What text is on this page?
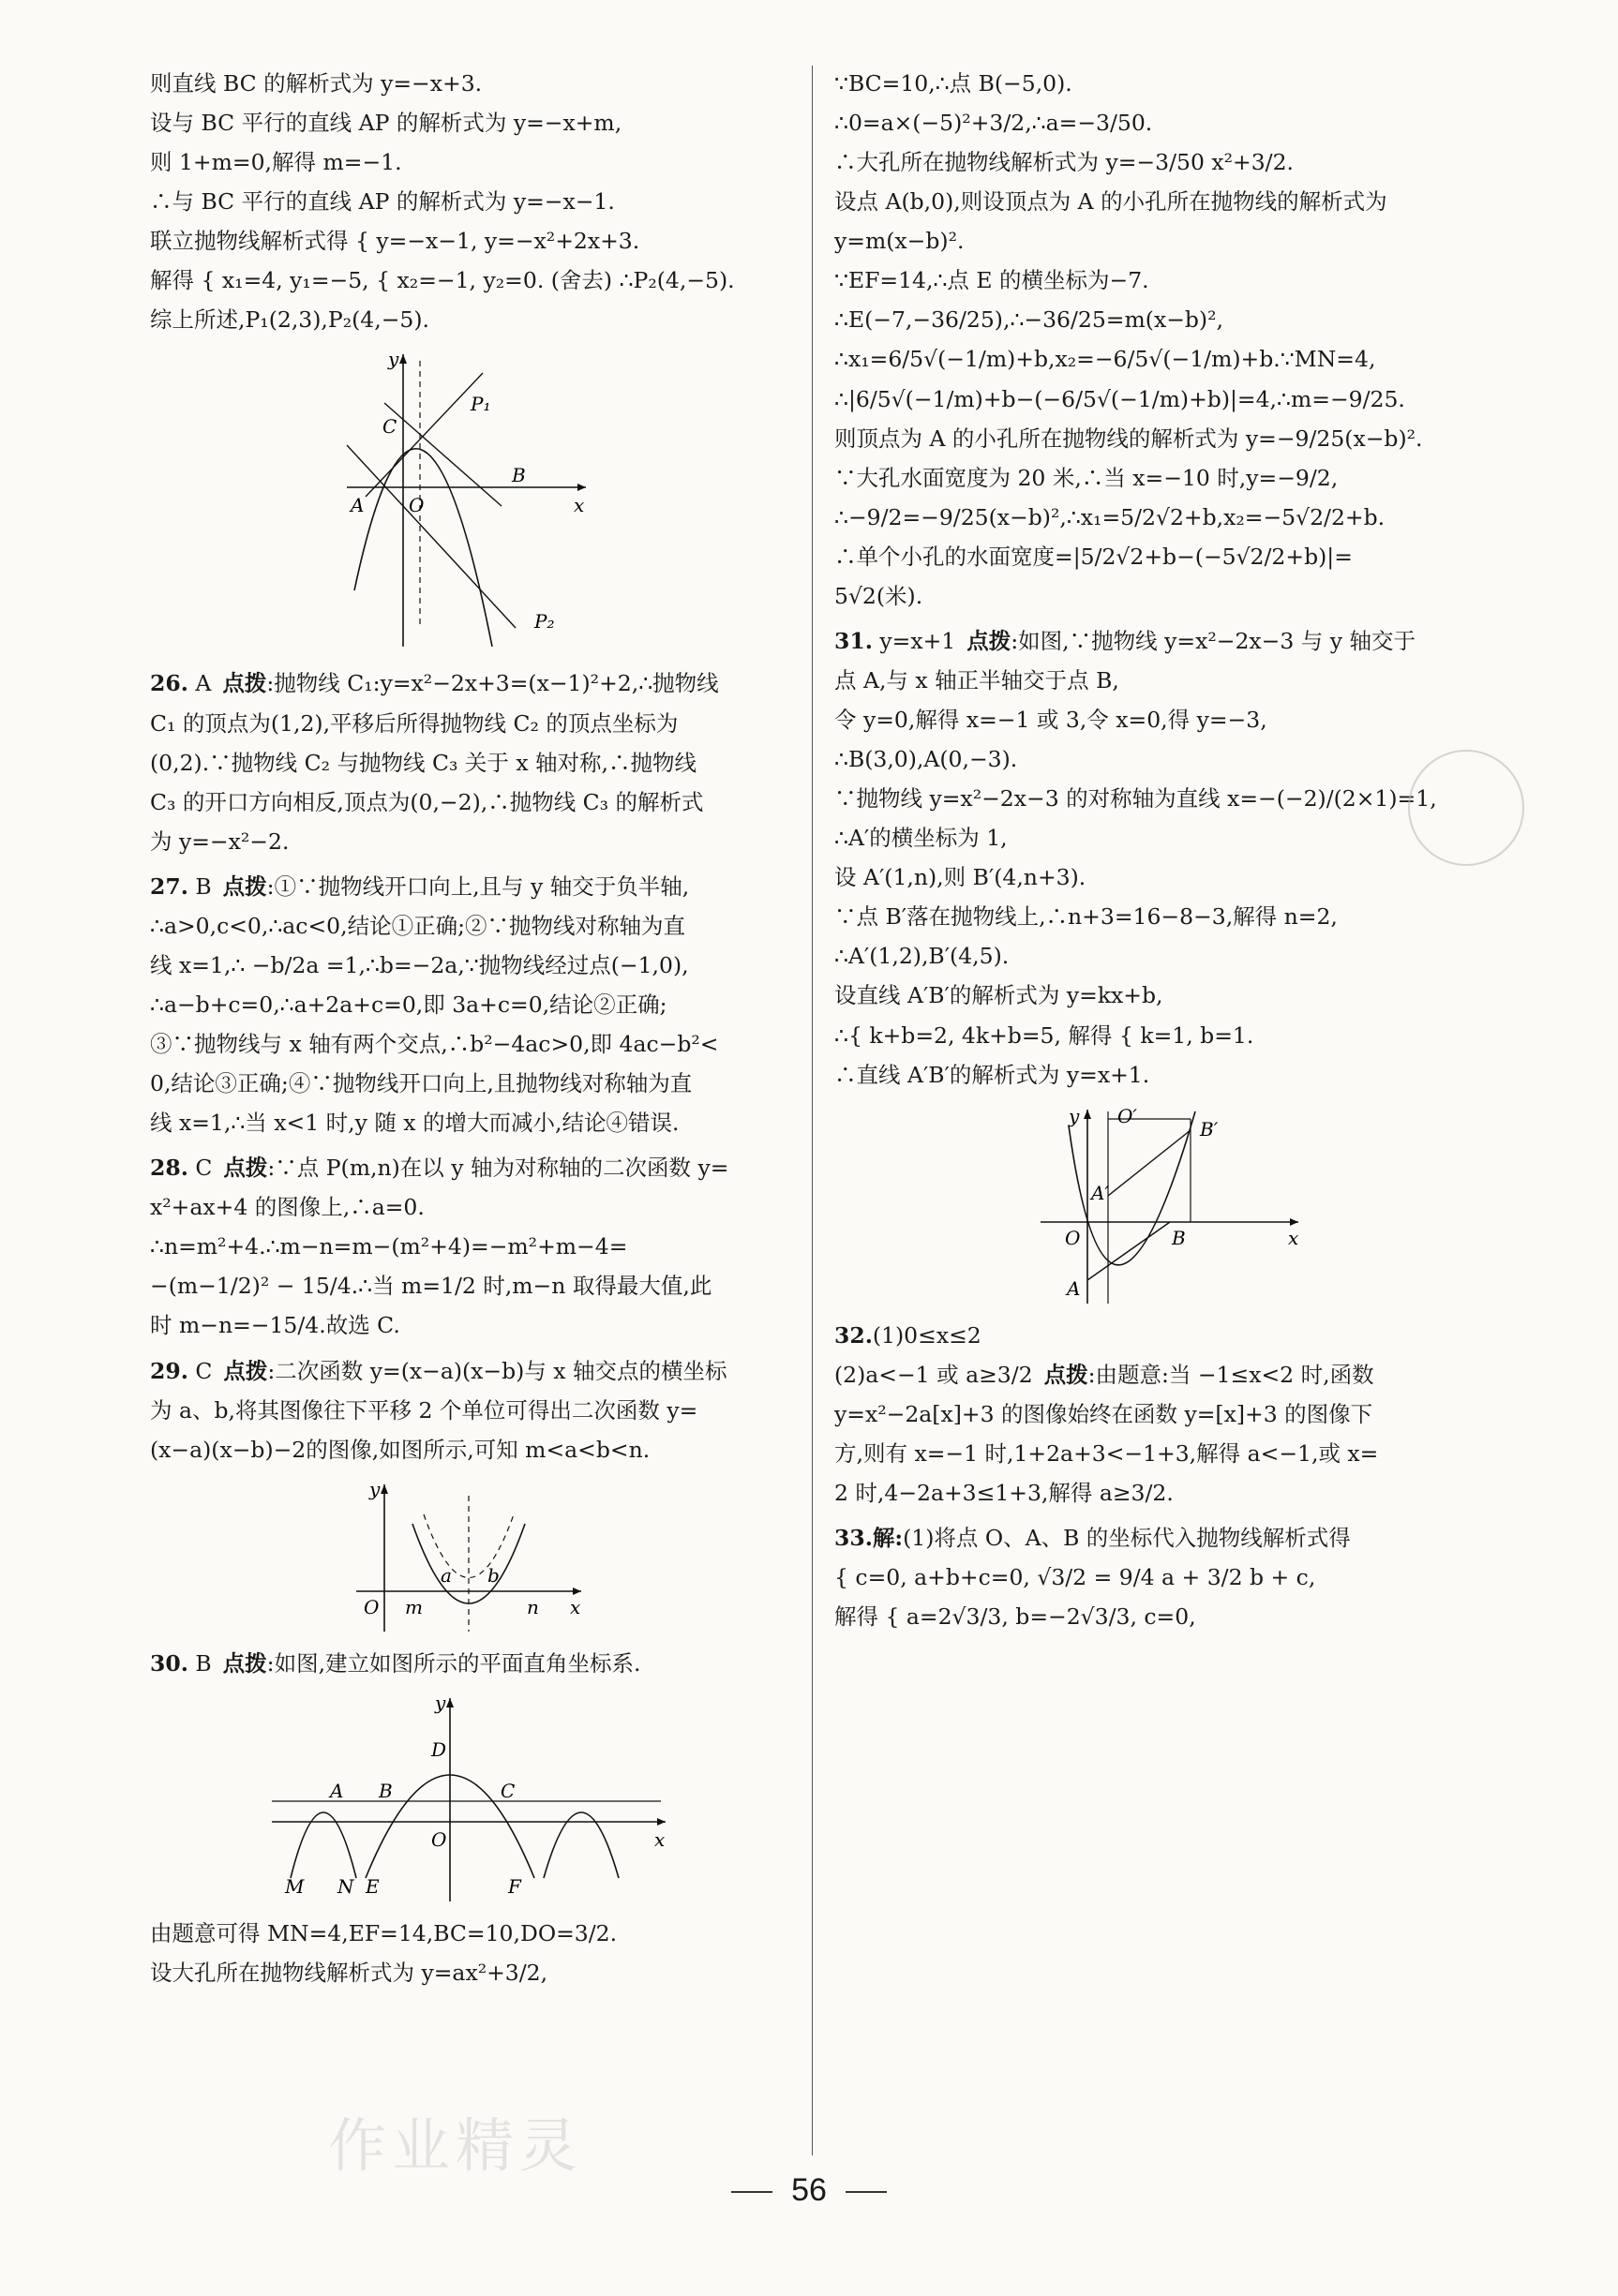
则直线 BC 的解析式为 y=−x+3.
设与 BC 平行的直线 AP 的解析式为 y=−x+m,
则 1+m=0,解得 m=−1.
∴与 BC 平行的直线 AP 的解析式为 y=−x−1.
联立抛物线解析式得 { y=−x−1, y=−x²+2x+3.
解得 { x₁=4, y₁=−5, { x₂=−1, y₂=0. (舍去) ∴P₂(4,−5).
综上所述,P₁(2,3),P₂(4,−5).
y
x
C
P₁
A O
B
P₂
26. A 点拨:抛物线 C₁:y=x²−2x+3=(x−1)²+2,∴抛物线
C₁ 的顶点为(1,2),平移后所得抛物线 C₂ 的顶点坐标为
(0,2).∵抛物线 C₂ 与抛物线 C₃ 关于 x 轴对称,∴抛物线
C₃ 的开口方向相反,顶点为(0,−2),∴抛物线 C₃ 的解析式
为 y=−x²−2.
27. B 点拨:①∵抛物线开口向上,且与 y 轴交于负半轴,
∴a>0,c<0,∴ac<0,结论①正确;②∵抛物线对称轴为直
线 x=1,∴ −b/2a =1,∴b=−2a,∵抛物线经过点(−1,0),
∴a−b+c=0,∴a+2a+c=0,即 3a+c=0,结论②正确;
③∵抛物线与 x 轴有两个交点,∴b²−4ac>0,即 4ac−b²<
0,结论③正确;④∵抛物线开口向上,且抛物线对称轴为直
线 x=1,∴当 x<1 时,y 随 x 的增大而减小,结论④错误.
28. C 点拨:∵点 P(m,n)在以 y 轴为对称轴的二次函数 y=
x²+ax+4 的图像上,∴a=0.
∴n=m²+4.∴m−n=m−(m²+4)=−m²+m−4=
−(m−1/2)² − 15/4.∴当 m=1/2 时,m−n 取得最大值,此
时 m−n=−15/4.故选 C.
29. C 点拨:二次函数 y=(x−a)(x−b)与 x 轴交点的横坐标
为 a、b,将其图像往下平移 2 个单位可得出二次函数 y=
(x−a)(x−b)−2的图像,如图所示,可知 m<a<b<n.
y
x
O
a b
m	n
30. B 点拨:如图,建立如图所示的平面直角坐标系.
y
x
D
A B	C
O
M N E	F
由题意可得 MN=4,EF=14,BC=10,DO=3/2.
设大孔所在抛物线解析式为 y=ax²+3/2,
∵BC=10,∴点 B(−5,0).
∴0=a×(−5)²+3/2,∴a=−3/50.
∴大孔所在抛物线解析式为 y=−3/50 x²+3/2.
设点 A(b,0),则设顶点为 A 的小孔所在抛物线的解析式为
y=m(x−b)².
∵EF=14,∴点 E 的横坐标为−7.
∴E(−7,−36/25),∴−36/25=m(x−b)²,
∴x₁=6/5√(−1/m)+b,x₂=−6/5√(−1/m)+b.∵MN=4,
∴|6/5√(−1/m)+b−(−6/5√(−1/m)+b)|=4,∴m=−9/25.
则顶点为 A 的小孔所在抛物线的解析式为 y=−9/25(x−b)².
∵大孔水面宽度为 20 米,∴当 x=−10 时,y=−9/2,
∴−9/2=−9/25(x−b)²,∴x₁=5/2√2+b,x₂=−5√2/2+b.
∴单个小孔的水面宽度=|5/2√2+b−(−5√2/2+b)|=
5√2(米).
31. y=x+1 点拨:如图,∵抛物线 y=x²−2x−3 与 y 轴交于
点 A,与 x 轴正半轴交于点 B,
令 y=0,解得 x=−1 或 3,令 x=0,得 y=−3,
∴B(3,0),A(0,−3).
∵抛物线 y=x²−2x−3 的对称轴为直线 x=−(−2)/(2×1)=1,
∴A′的横坐标为 1,
设 A′(1,n),则 B′(4,n+3).
∵点 B′落在抛物线上,∴n+3=16−8−3,解得 n=2,
∴A′(1,2),B′(4,5).
设直线 A′B′的解析式为 y=kx+b,
∴{ k+b=2, 4k+b=5, 解得 { k=1, b=1.
∴直线 A′B′的解析式为 y=x+1.
y
x
O′
B′
A′
O	B
A
32.(1)0≤x≤2
(2)a<−1 或 a≥3/2 点拨:由题意:当 −1≤x<2 时,函数
y=x²−2a[x]+3 的图像始终在函数 y=[x]+3 的图像下
方,则有 x=−1 时,1+2a+3<−1+3,解得 a<−1,或 x=
2 时,4−2a+3≤1+3,解得 a≥3/2.
33.解:(1)将点 O、A、B 的坐标代入抛物线解析式得
{ c=0, a+b+c=0, √3/2 = 9/4 a + 3/2 b + c,
解得 { a=2√3/3, b=−2√3/3, c=0,
作业精灵
56
